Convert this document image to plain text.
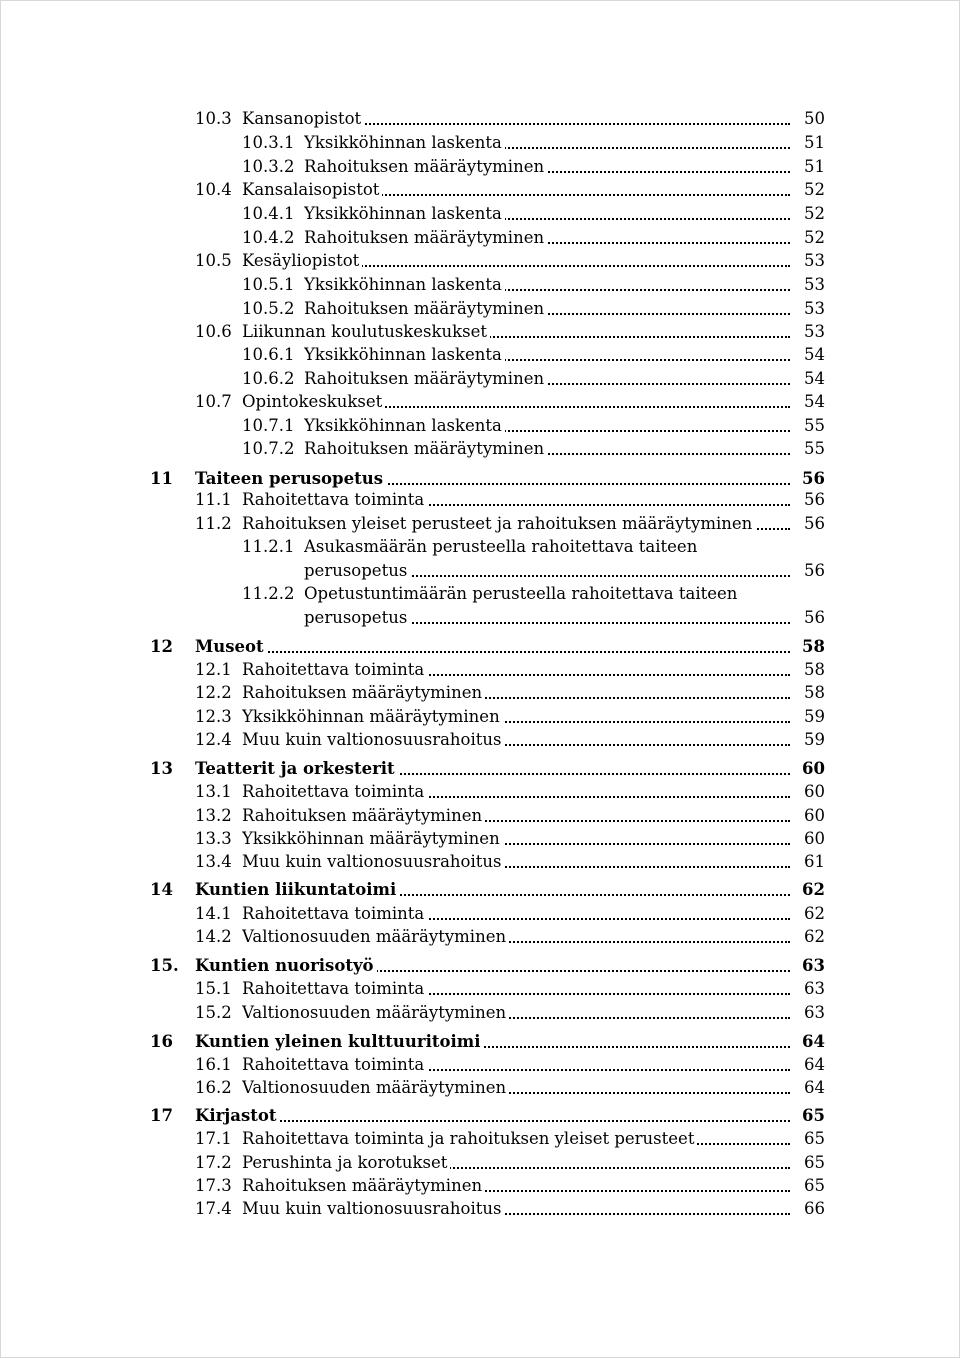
10.3 Kansanopistot	50
10.3.1 Yksikköhinnan laskenta	51
10.3.2 Rahoituksen määräytyminen	51
10.4 Kansalaisopistot	52
10.4.1 Yksikköhinnan laskenta	52
10.4.2 Rahoituksen määräytyminen	52
10.5 Kesäyliopistot	53
10.5.1 Yksikköhinnan laskenta	53
10.5.2 Rahoituksen määräytyminen	53
10.6 Liikunnan koulutuskeskukset	53
10.6.1 Yksikköhinnan laskenta	54
10.6.2 Rahoituksen määräytyminen	54
10.7 Opintokeskukset	54
10.7.1 Yksikköhinnan laskenta	55
10.7.2 Rahoituksen määräytyminen	55
11 Taiteen perusopetus	56
11.1 Rahoitettava toiminta	56
11.2 Rahoituksen yleiset perusteet ja rahoituksen määräytyminen	56
11.2.1 Asukasmäärän perusteella rahoitettava taiteen
perusopetus	56
11.2.2 Opetustuntimäärän perusteella rahoitettava taiteen
perusopetus	56
12 Museot	58
12.1 Rahoitettava toiminta	58
12.2 Rahoituksen määräytyminen	58
12.3 Yksikköhinnan määräytyminen	59
12.4 Muu kuin valtionosuusrahoitus	59
13 Teatterit ja orkesterit	60
13.1 Rahoitettava toiminta	60
13.2 Rahoituksen määräytyminen	60
13.3 Yksikköhinnan määräytyminen	60
13.4 Muu kuin valtionosuusrahoitus	61
14 Kuntien liikuntatoimi	62
14.1 Rahoitettava toiminta	62
14.2 Valtionosuuden määräytyminen	62
15. Kuntien nuorisotyö	63
15.1 Rahoitettava toiminta	63
15.2 Valtionosuuden määräytyminen	63
16 Kuntien yleinen kulttuuritoimi	64
16.1 Rahoitettava toiminta	64
16.2 Valtionosuuden määräytyminen	64
17 Kirjastot	65
17.1 Rahoitettava toiminta ja rahoituksen yleiset perusteet	65
17.2 Perushinta ja korotukset	65
17.3 Rahoituksen määräytyminen	65
17.4 Muu kuin valtionosuusrahoitus	66
